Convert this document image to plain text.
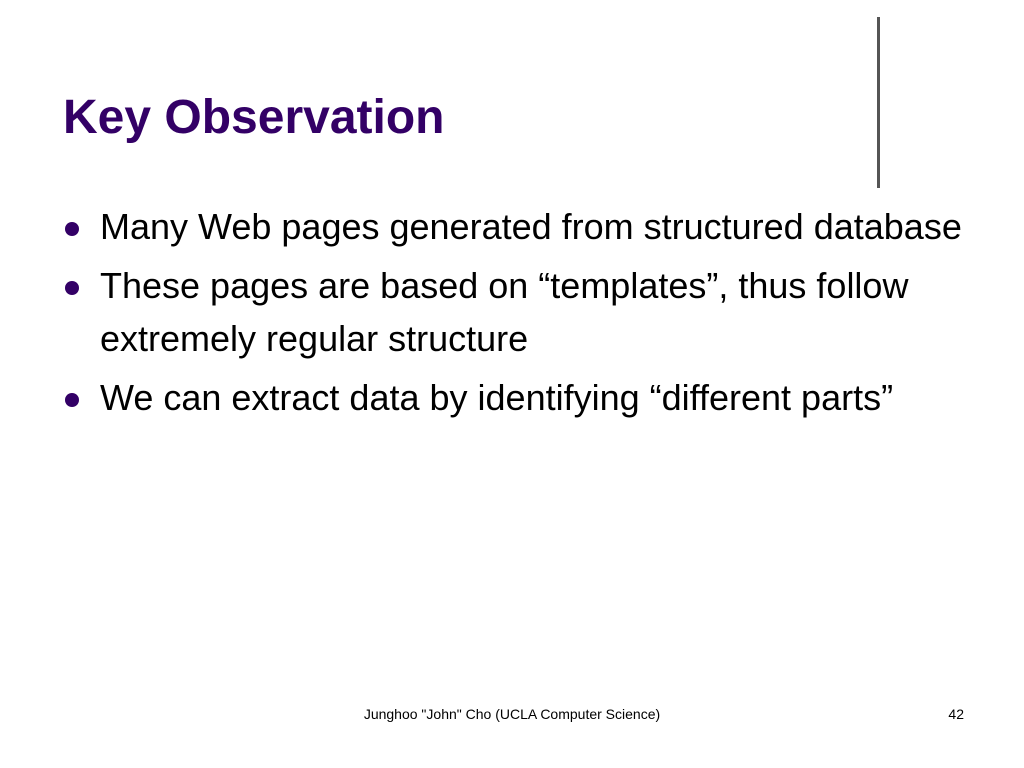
Key Observation
Many Web pages generated from structured database
These pages are based on “templates”, thus follow extremely regular structure
We can extract data by identifying “different parts”
Junghoo "John" Cho (UCLA Computer Science)	42
